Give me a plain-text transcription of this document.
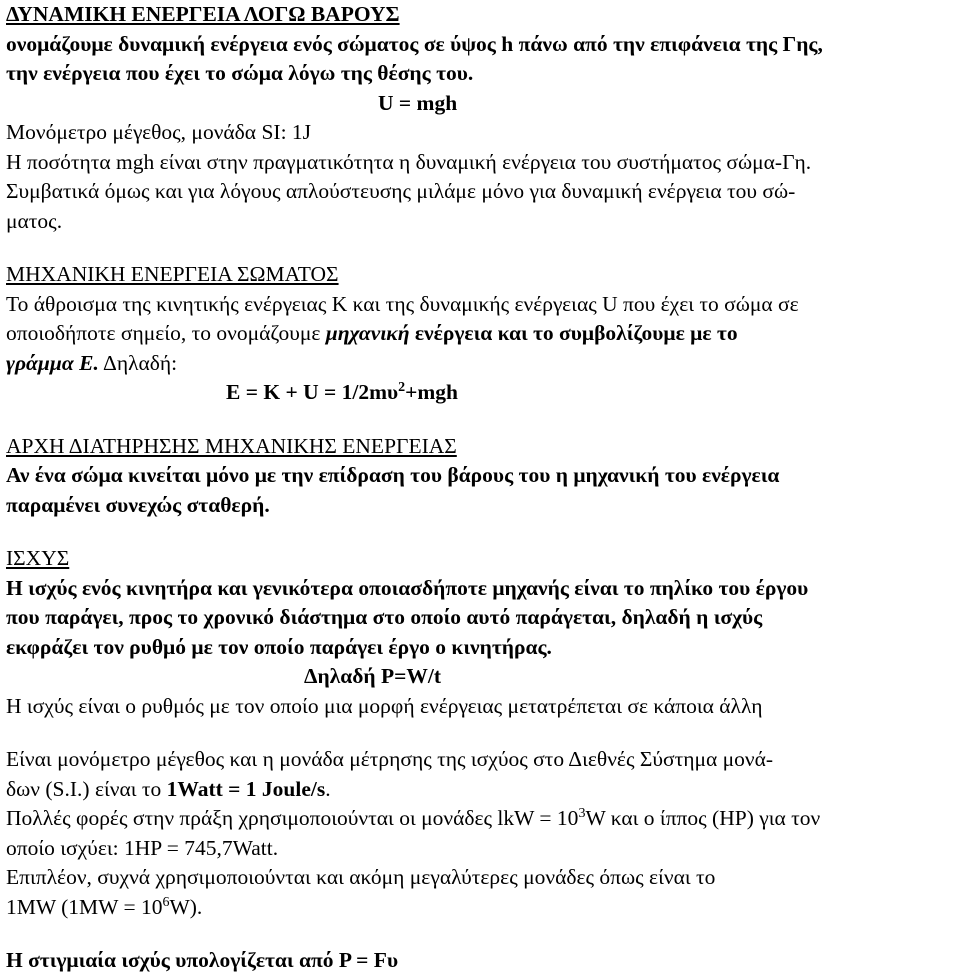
ΔΥΝΑΜΙΚΗ ΕΝΕΡΓΕΙΑ ΛΟΓΩ ΒΑΡΟΥΣ
ονομάζουμε δυναμική ενέργεια ενός σώματος σε ύψος h πάνω από την επιφάνεια της Γης,
την ενέργεια που έχει το σώμα λόγω της θέσης του.
U = mgh
Μονόμετρο μέγεθος, μονάδα SI: 1J
Η ποσότητα mgh είναι στην πραγματικότητα η δυναμική ενέργεια του συστήματος σώμα-Γη.
Συμβατικά όμως και για λόγους απλούστευσης μιλάμε μόνο για δυναμική ενέργεια του σώ-
ματος.
ΜΗΧΑΝΙΚΗ ΕΝΕΡΓΕΙΑ ΣΩΜΑΤΟΣ
Το άθροισμα της κινητικής ενέργειας Κ και της δυναμικής ενέργειας U που έχει το σώμα σε
οποιοδήποτε σημείο, το ονομάζουμε μηχανική ενέργεια και το συμβολίζουμε με το
γράμμα Ε. Δηλαδή:
$E = K + U = 1/2m\upsilon^2+mgh$
ΑΡΧΗ ΔΙΑΤΗΡΗΣΗΣ ΜΗΧΑΝΙΚΗΣ ΕΝΕΡΓΕΙΑΣ
Αν ένα σώμα κινείται μόνο με την επίδραση του βάρους του η μηχανική του ενέργεια
παραμένει συνεχώς σταθερή.
ΙΣΧΥΣ
Η ισχύς ενός κινητήρα και γενικότερα οποιασδήποτε μηχανής είναι το πηλίκο του έργου
που παράγει, προς το χρονικό διάστημα στο οποίο αυτό παράγεται, δηλαδή η ισχύς
εκφράζει τον ρυθμό με τον οποίο παράγει έργο ο κινητήρας.
Δηλαδή P=W/t
Η ισχύς είναι ο ρυθμός με τον οποίο μια μορφή ενέργειας μετατρέπεται σε κάποια άλλη
Είναι μονόμετρο μέγεθος και η μονάδα μέτρησης της ισχύος στο Διεθνές Σύστημα μονά-
δων (S.I.) είναι το 1Watt = 1 Joule/s.
Πολλές φορές στην πράξη χρησιμοποιούνται οι μονάδες lkW = $10^3W$ και ο ίππος (HP) για τον
οποίο ισχύει: 1HP = 745,7Watt.
Επιπλέον, συχνά χρησιμοποιούνται και ακόμη μεγαλύτερες μονάδες όπως είναι το
1MW $(1MW = 10^6W)$.
Η στιγμιαία ισχύς υπολογίζεται από P = Fυ
